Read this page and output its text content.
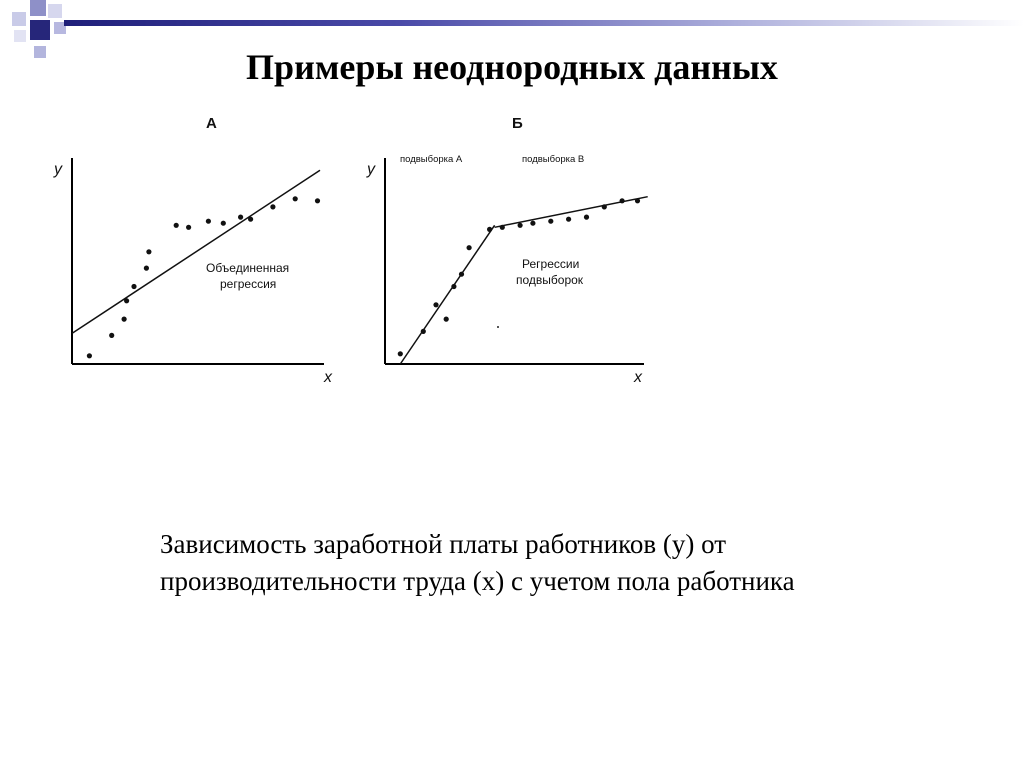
Примеры неоднородных данных
А
y
x
Объединенная
регрессия
Б
y
x
подвыборка А	подвыборка В
Регрессии
подвыборок
Зависимость заработной платы работников (y) от производительности труда (х) с учетом пола работника
